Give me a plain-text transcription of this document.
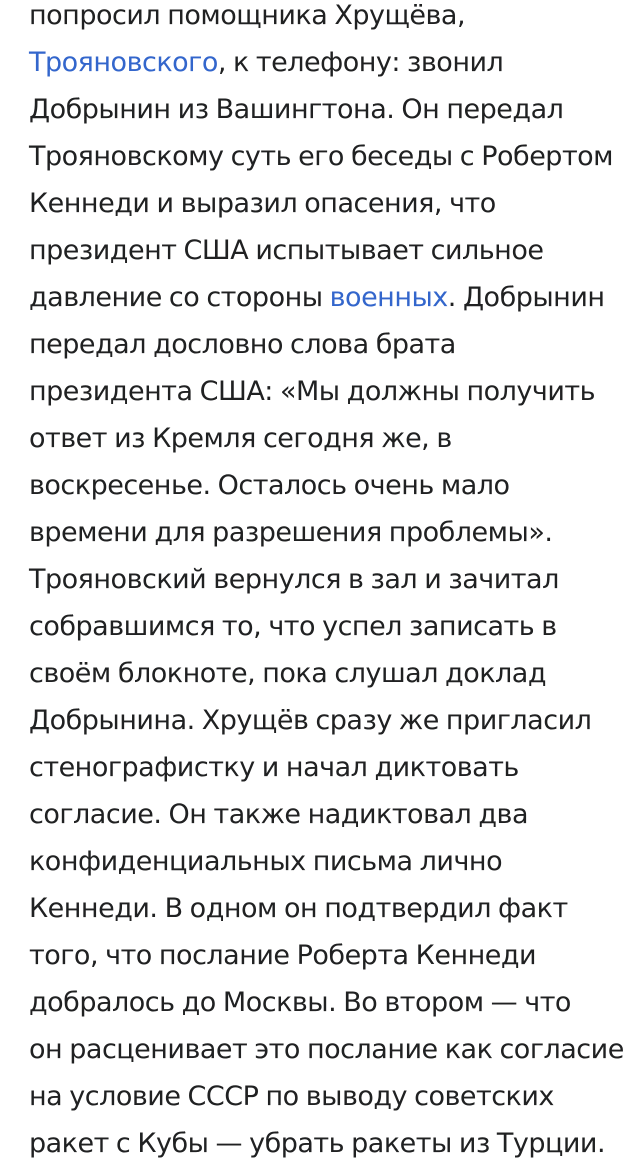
попросил помощника Хрущёва,
Трояновского, к телефону: звонил
Добрынин из Вашингтона. Он передал
Трояновскому суть его беседы с Робертом
Кеннеди и выразил опасения, что
президент США испытывает сильное
давление со стороны военных. Добрынин
передал дословно слова брата
президента США: «Мы должны получить
ответ из Кремля сегодня же, в
воскресенье. Осталось очень мало
времени для разрешения проблемы».
Трояновский вернулся в зал и зачитал
собравшимся то, что успел записать в
своём блокноте, пока слушал доклад
Добрынина. Хрущёв сразу же пригласил
стенографистку и начал диктовать
согласие. Он также надиктовал два
конфиденциальных письма лично
Кеннеди. В одном он подтвердил факт
того, что послание Роберта Кеннеди
добралось до Москвы. Во втором — что
он расценивает это послание как согласие
на условие СССР по выводу советских
ракет с Кубы — убрать ракеты из Турции.
